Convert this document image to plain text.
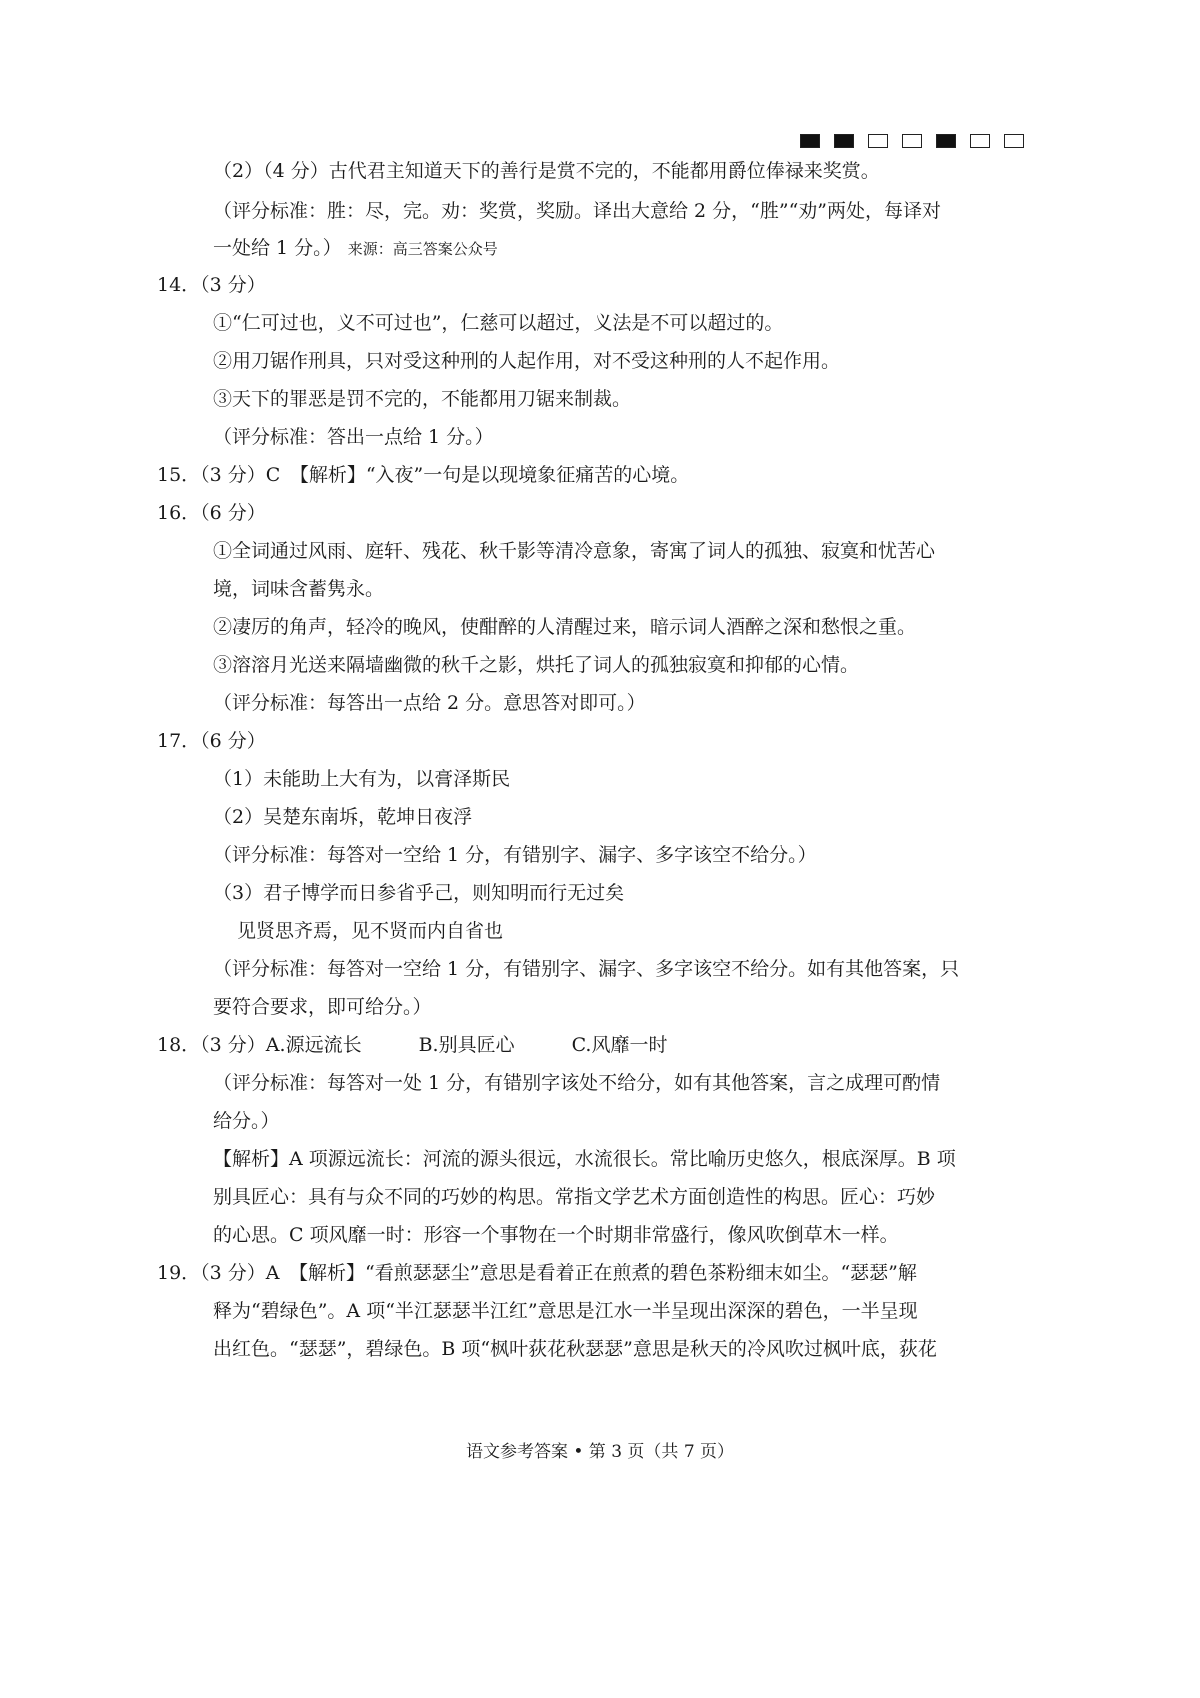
（2）（4 分）古代君主知道天下的善行是赏不完的，不能都用爵位俸禄来奖赏。
（评分标准：胜：尽，完。劝：奖赏，奖励。译出大意给 2 分，“胜”“劝”两处，每译对
一处给 1 分。） 来源：高三答案公众号
14．（3 分）
①“仁可过也，义不可过也”，仁慈可以超过，义法是不可以超过的。
②用刀锯作刑具，只对受这种刑的人起作用，对不受这种刑的人不起作用。
③天下的罪恶是罚不完的，不能都用刀锯来制裁。
（评分标准：答出一点给 1 分。）
15．（3 分）C　【解析】“入夜”一句是以现境象征痛苦的心境。
16．（6 分）
①全词通过风雨、庭轩、残花、秋千影等清冷意象，寄寓了词人的孤独、寂寞和忧苦心
境，词味含蓄隽永。
②凄厉的角声，轻冷的晚风，使酣醉的人清醒过来，暗示词人酒醉之深和愁恨之重。
③溶溶月光送来隔墙幽微的秋千之影，烘托了词人的孤独寂寞和抑郁的心情。
（评分标准：每答出一点给 2 分。意思答对即可。）
17．（6 分）
（1）未能助上大有为，以膏泽斯民
（2）吴楚东南坼，乾坤日夜浮
（评分标准：每答对一空给 1 分，有错别字、漏字、多字该空不给分。）
（3）君子博学而日参省乎己，则知明而行无过矣
见贤思齐焉，见不贤而内自省也
（评分标准：每答对一空给 1 分，有错别字、漏字、多字该空不给分。如有其他答案，只
要符合要求，即可给分。）
18．（3 分）A.源远流长　　　B.别具匠心　　　C.风靡一时
（评分标准：每答对一处 1 分，有错别字该处不给分，如有其他答案，言之成理可酌情
给分。）
【解析】A 项源远流长：河流的源头很远，水流很长。常比喻历史悠久，根底深厚。B 项
别具匠心：具有与众不同的巧妙的构思。常指文学艺术方面创造性的构思。匠心：巧妙
的心思。C 项风靡一时：形容一个事物在一个时期非常盛行，像风吹倒草木一样。
19．（3 分）A　【解析】“看煎瑟瑟尘”意思是看着正在煎煮的碧色茶粉细末如尘。“瑟瑟”解
释为“碧绿色”。A 项“半江瑟瑟半江红”意思是江水一半呈现出深深的碧色，一半呈现
出红色。“瑟瑟”，碧绿色。B 项“枫叶荻花秋瑟瑟”意思是秋天的冷风吹过枫叶底，荻花
语文参考答案 • 第 3 页（共 7 页）
